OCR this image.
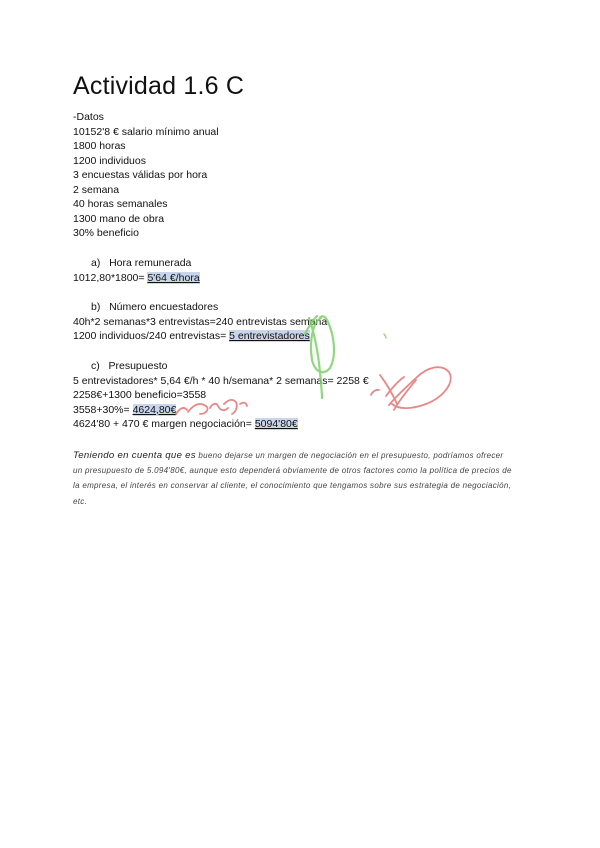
Actividad 1.6 C
-Datos
10152'8 € salario mínimo anual
1800 horas
1200 individuos
3 encuestas válidas por hora
2 semana
40 horas semanales
1300 mano de obra
30% beneficio
a)   Hora remunerada
1012,80*1800= 5'64 €/hora
b)   Número encuestadores
40h*2 semanas*3 entrevistas=240 entrevistas semana
1200 individuos/240 entrevistas= 5 entrevistadores
c)   Presupuesto
5 entrevistadores* 5,64 €/h * 40 h/semana* 2 semanas= 2258 €
2258€+1300 beneficio=3558
3558+30%= 4624,80€
4624'80 + 470 € margen negociación= 5094'80€

Teniendo en cuenta que es bueno dejarse un margen de negociación en el presupuesto, podríamos ofrecer un presupuesto de 5.094'80€, aunque esto dependerá obviamente de otros factores como la política de precios de la empresa, el interés en conservar al cliente, el conocimiento que tengamos sobre sus estrategia de negociación, etc.
